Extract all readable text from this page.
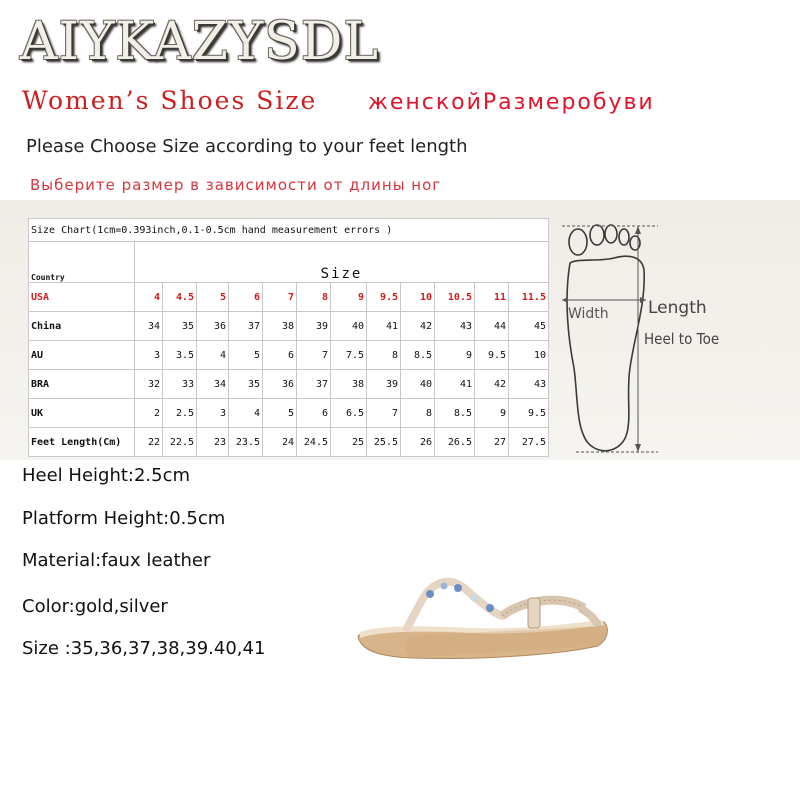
AIYKAZYSDL
Women’s Shoes Size женскойРазмеробуви
Please Choose Size according to your feet length
Выберите размер в зависимости от длины ног
Size Chart(1cm=0.393inch,0.1-0.5cm hand measurement errors )												
Country	Size											
USA	4	4.5	5	6	7	8	9	9.5	10	10.5	11	11.5
China	34	35	36	37	38	39	40	41	42	43	44	45
AU	3	3.5	4	5	6	7	7.5	8	8.5	9	9.5	10
BRA	32	33	34	35	36	37	38	39	40	41	42	43
UK	2	2.5	3	4	5	6	6.5	7	8	8.5	9	9.5
Feet Length(Cm)	22	22.5	23	23.5	24	24.5	25	25.5	26	26.5	27	27.5
Width Length
Heel to Toe
Heel Height:2.5cm
Platform Height:0.5cm
Material:faux leather
Color:gold,silver
Size :35,36,37,38,39.40,41
